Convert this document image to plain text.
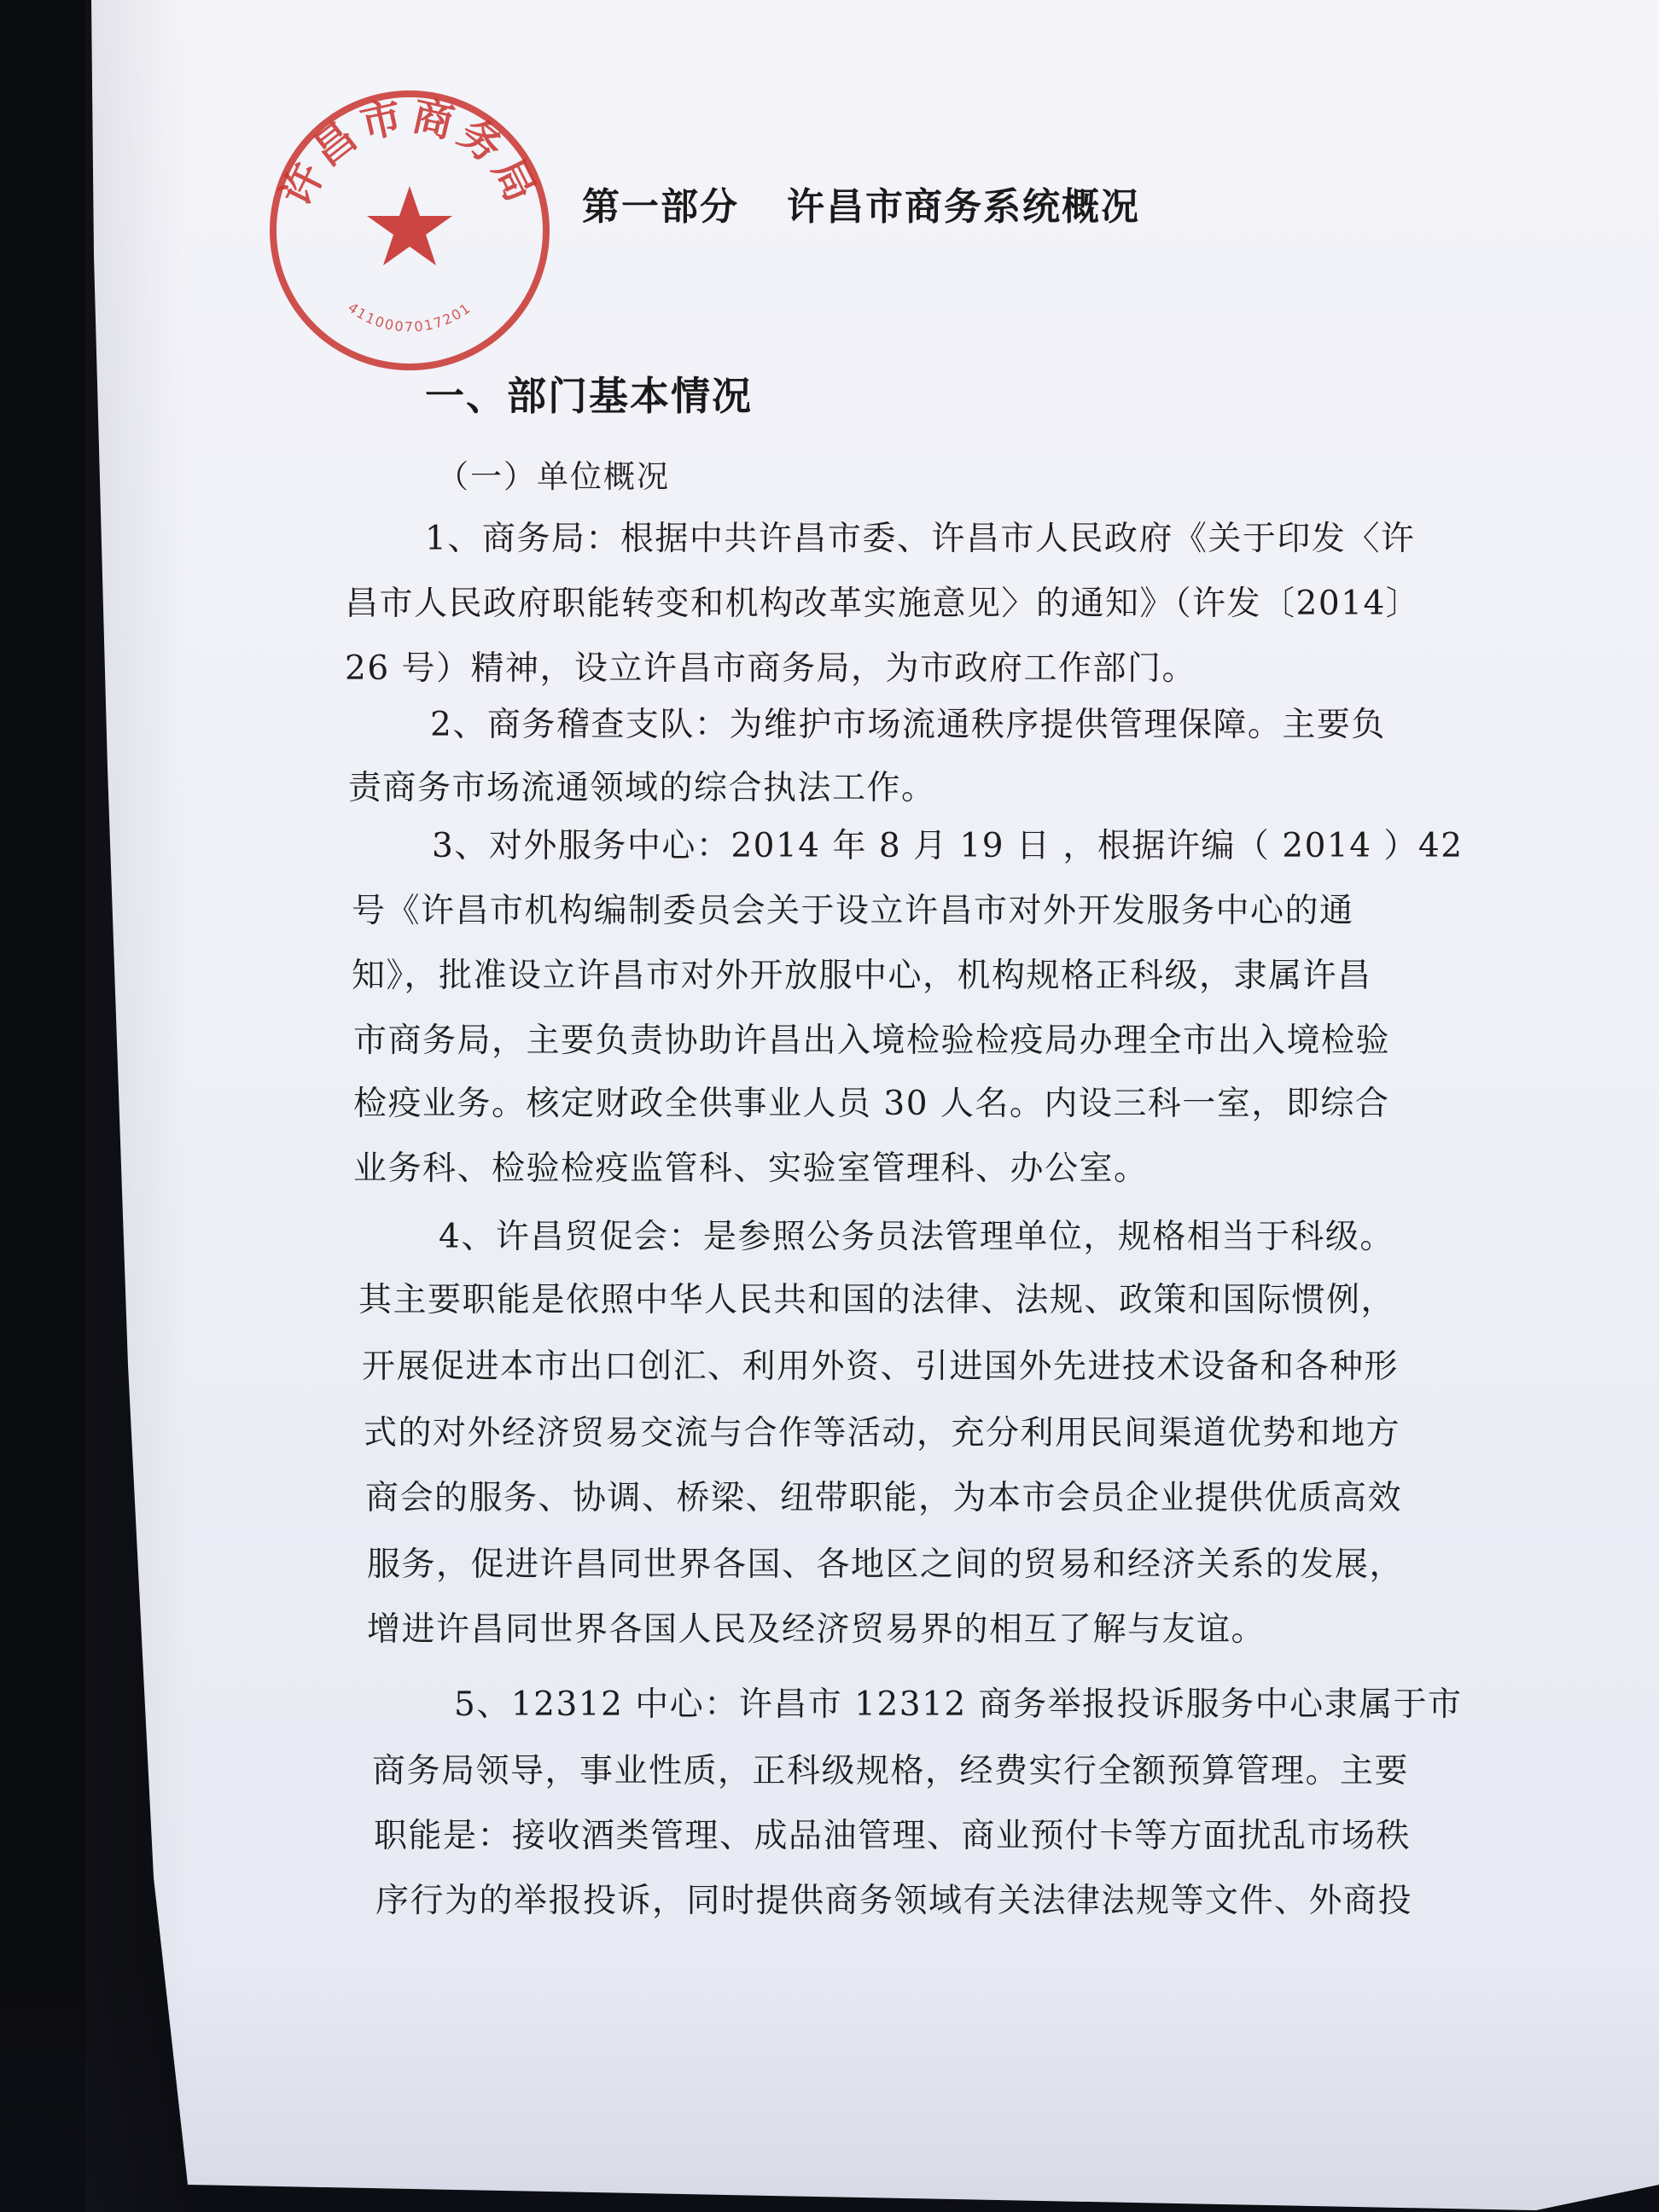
许昌市商务局
4110007017201
第一部分 许昌市商务系统概况
一、部门基本情况
（一）单位概况
1、商务局：根据中共许昌市委、许昌市人民政府《关于印发〈许
昌市人民政府职能转变和机构改革实施意见〉的通知》（许发〔2014〕
26 号）精神，设立许昌市商务局，为市政府工作部门。
2、商务稽查支队：为维护市场流通秩序提供管理保障。主要负
责商务市场流通领域的综合执法工作。
3、对外服务中心：2014 年 8 月 19 日 ，根据许编（ 2014 ）42
号《许昌市机构编制委员会关于设立许昌市对外开发服务中心的通
知》，批准设立许昌市对外开放服中心，机构规格正科级，隶属许昌
市商务局，主要负责协助许昌出入境检验检疫局办理全市出入境检验
检疫业务。核定财政全供事业人员 30 人名。内设三科一室，即综合
业务科、检验检疫监管科、实验室管理科、办公室。
4、许昌贸促会：是参照公务员法管理单位，规格相当于科级。
其主要职能是依照中华人民共和国的法律、法规、政策和国际惯例，
开展促进本市出口创汇、利用外资、引进国外先进技术设备和各种形
式的对外经济贸易交流与合作等活动，充分利用民间渠道优势和地方
商会的服务、协调、桥梁、纽带职能，为本市会员企业提供优质高效
服务，促进许昌同世界各国、各地区之间的贸易和经济关系的发展，
增进许昌同世界各国人民及经济贸易界的相互了解与友谊。
5、12312 中心：许昌市 12312 商务举报投诉服务中心隶属于市
商务局领导，事业性质，正科级规格，经费实行全额预算管理。主要
职能是：接收酒类管理、成品油管理、商业预付卡等方面扰乱市场秩
序行为的举报投诉，同时提供商务领域有关法律法规等文件、外商投
